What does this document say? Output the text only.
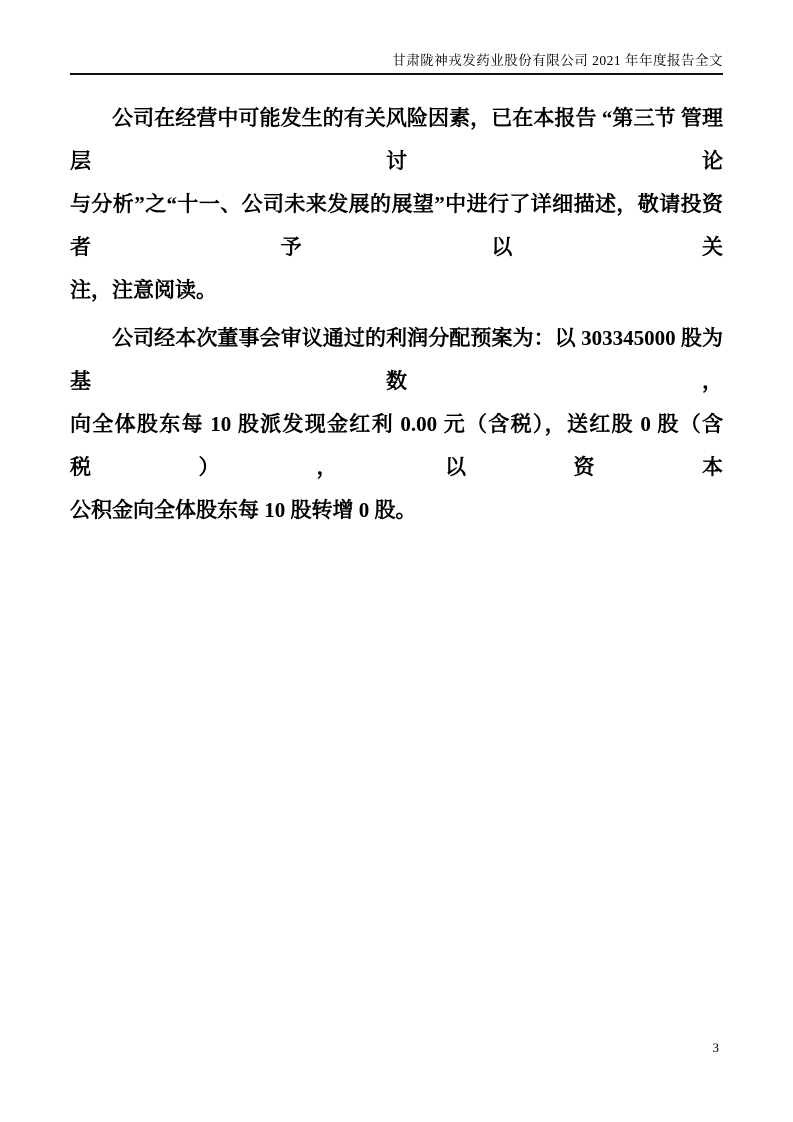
甘肃陇神戎发药业股份有限公司 2021 年年度报告全文

公司在经营中可能发生的有关风险因素，已在本报告 “第三节 管理层讨论
与分析”之“十一、公司未来发展的展望”中进行了详细描述，敬请投资者予以关
注，注意阅读。

公司经本次董事会审议通过的利润分配预案为：以 303345000 股为基数，
向全体股东每 10 股派发现金红利 0.00 元（含税），送红股 0 股（含税），以资本
公积金向全体股东每 10 股转增 0 股。

3
